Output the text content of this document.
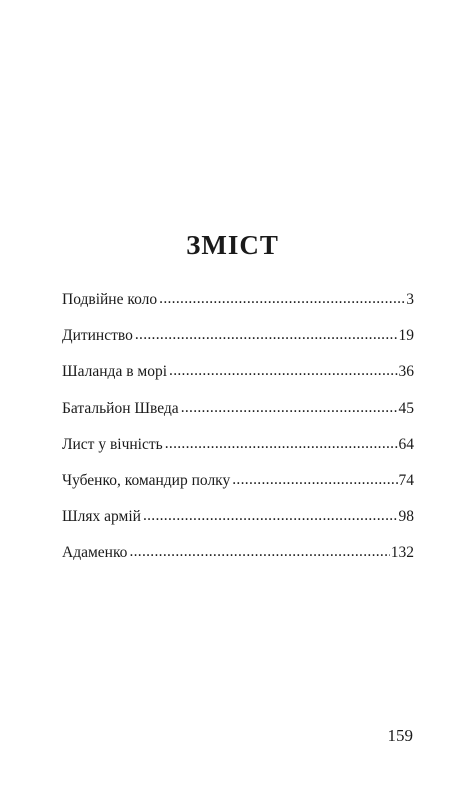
ЗМІСТ
Подвійне коло .....	3
Дитинство .....	19
Шаланда в морі .....	36
Батальйон Шведа .....	45
Лист у вічність .....	64
Чубенко, командир полку .....	74
Шлях армій .....	98
Адаменко .....	132
159
